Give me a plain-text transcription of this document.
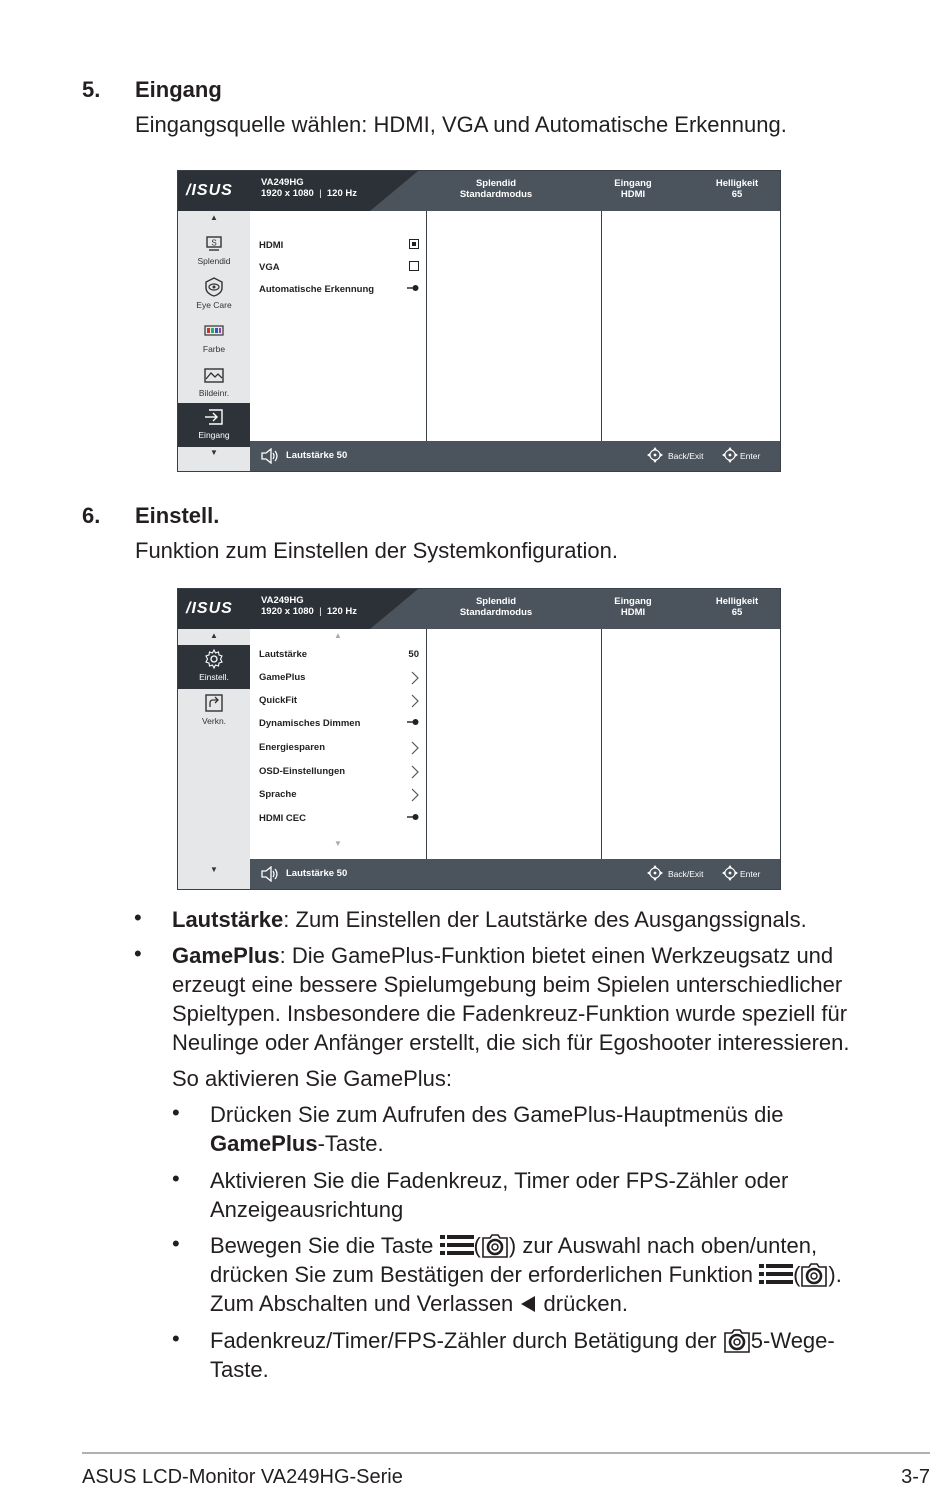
5. Eingang
Eingangsquelle wählen: HDMI, VGA und Automatische Erkennung.
/ISUS	VA249HG
1920 x 1080 | 120 Hz
Splendid
Standardmodus
Eingang
HDMI
Helligkeit
65
▲
S
Splendid
Eye Care
Farbe
Bildeinr.
Eingang
▼
HDMI
VGA
Automatische Erkennung
Lautstärke 50	Back/Exit	Enter
6. Einstell.
Funktion zum Einstellen der Systemkonfiguration.
/ISUS	VA249HG
1920 x 1080 | 120 Hz
Splendid
Standardmodus
Eingang
HDMI
Helligkeit
65
▲
Einstell.
Verkn.
▼
▲
Lautstärke	50
GamePlus
QuickFit
Dynamisches Dimmen
Energiesparen
OSD-Einstellungen
Sprache
HDMI CEC
▼
Lautstärke 50	Back/Exit	Enter
• Lautstärke: Zum Einstellen der Lautstärke des Ausgangssignals.
• GamePlus: Die GamePlus-Funktion bietet einen Werkzeugsatz und
erzeugt eine bessere Spielumgebung beim Spielen unterschiedlicher
Spieltypen. Insbesondere die Fadenkreuz-Funktion wurde speziell für
Neulinge oder Anfänger erstellt, die sich für Egoshooter interessieren.
So aktivieren Sie GamePlus:
• Drücken Sie zum Aufrufen des GamePlus-Hauptmenüs die
GamePlus-Taste.
• Aktivieren Sie die Fadenkreuz, Timer oder FPS-Zähler oder
Anzeigeausrichtung
• Bewegen Sie die Taste ( ) zur Auswahl nach oben/unten,
drücken Sie zum Bestätigen der erforderlichen Funktion ( ).
Zum Abschalten und Verlassen drücken.
• Fadenkreuz/Timer/FPS-Zähler durch Betätigung der 5-Wege-
Taste.
ASUS LCD-Monitor VA249HG-Serie	3-7
